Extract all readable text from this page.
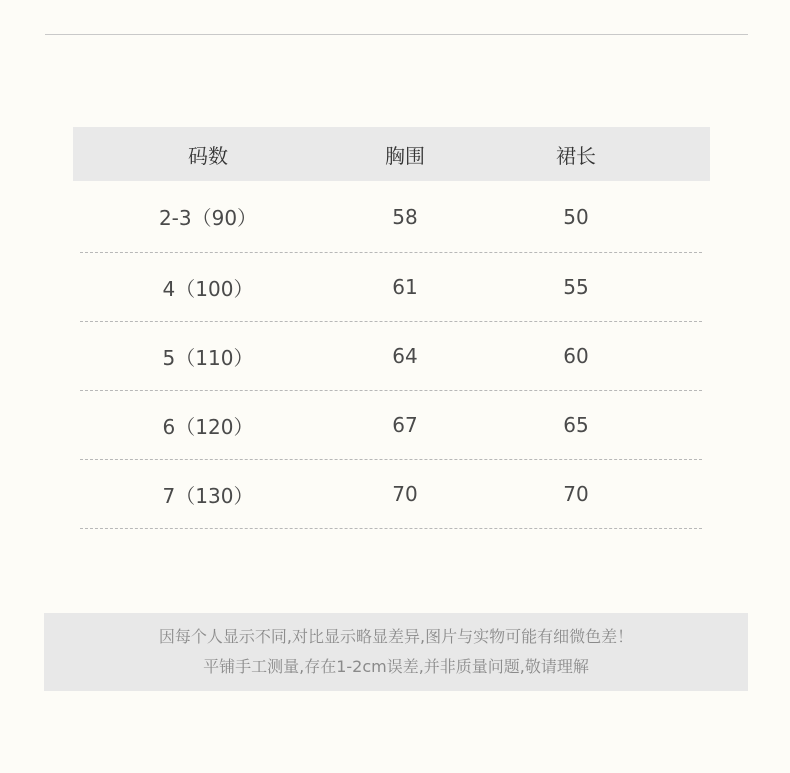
码数	胸围	裙长
2-3（90）	58	50
4（100）	61	55
5（110）	64	60
6（120）	67	65
7（130）	70	70
因每个人显示不同,对比显示略显差异,图片与实物可能有细微色差！
平铺手工测量,存在1-2cm误差,并非质量问题,敬请理解
